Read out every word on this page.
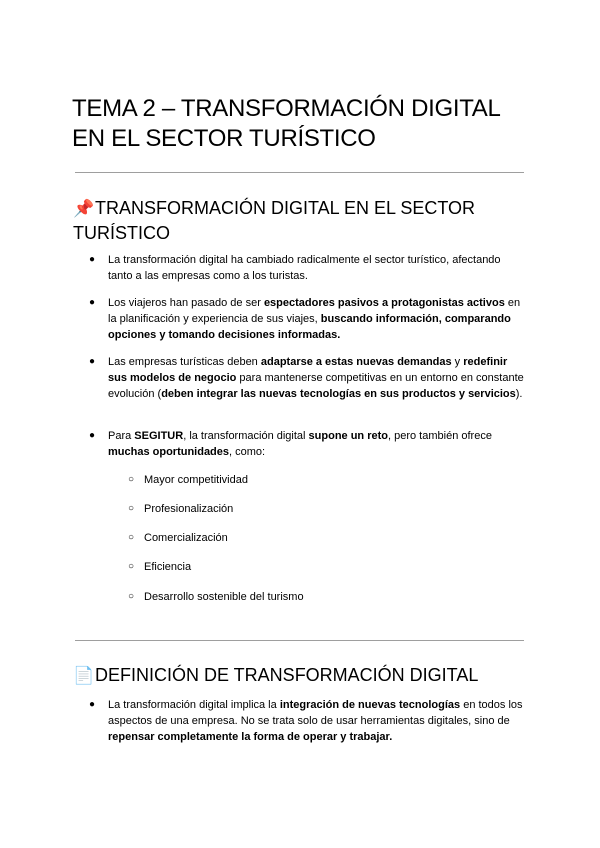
TEMA 2 – TRANSFORMACIÓN DIGITAL EN EL SECTOR TURÍSTICO
📌TRANSFORMACIÓN DIGITAL EN EL SECTOR TURÍSTICO
● La transformación digital ha cambiado radicalmente el sector turístico, afectando tanto a las empresas como a los turistas.
● Los viajeros han pasado de ser espectadores pasivos a protagonistas activos en la planificación y experiencia de sus viajes, buscando información, comparando opciones y tomando decisiones informadas.
● Las empresas turísticas deben adaptarse a estas nuevas demandas y redefinir sus modelos de negocio para mantenerse competitivas en un entorno en constante evolución (deben integrar las nuevas tecnologías en sus productos y servicios).
● Para SEGITUR, la transformación digital supone un reto, pero también ofrece muchas oportunidades, como:
○ Mayor competitividad
○ Profesionalización
○ Comercialización
○ Eficiencia
○ Desarrollo sostenible del turismo
📄DEFINICIÓN DE TRANSFORMACIÓN DIGITAL
● La transformación digital implica la integración de nuevas tecnologías en todos los aspectos de una empresa. No se trata solo de usar herramientas digitales, sino de repensar completamente la forma de operar y trabajar.
